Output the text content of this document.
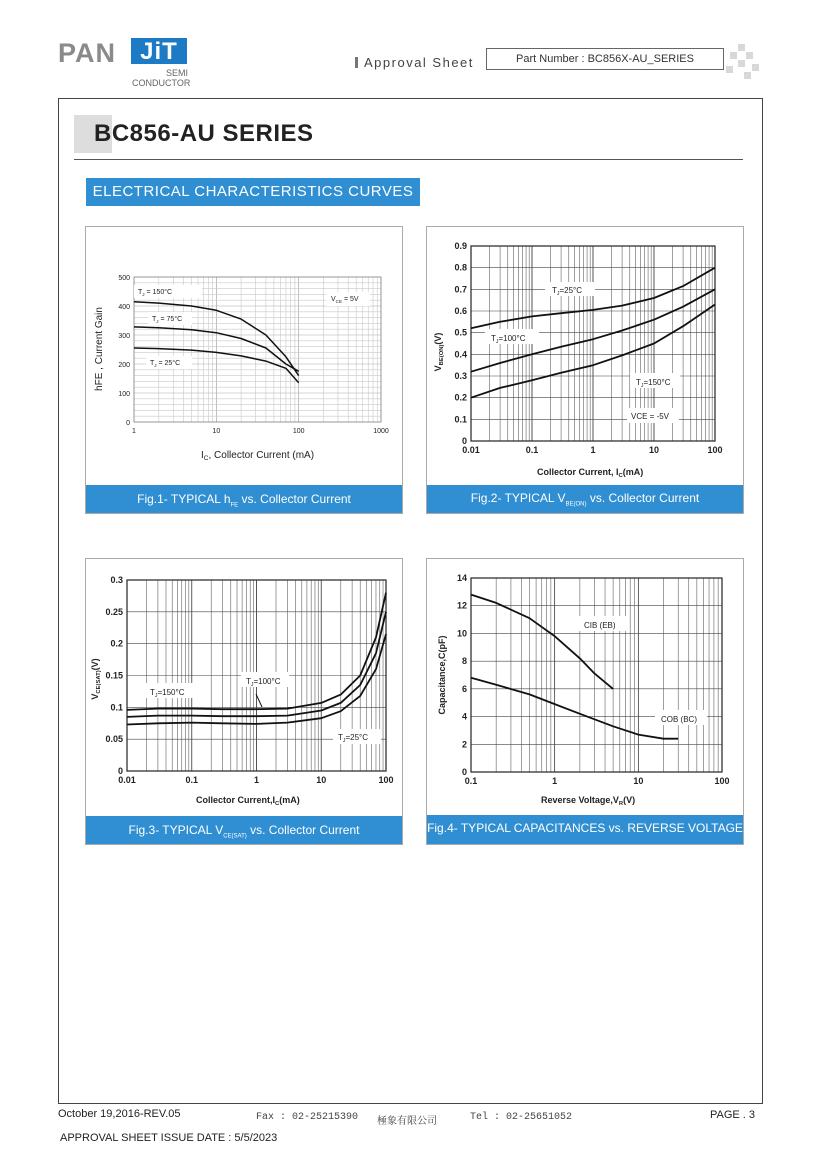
PAN	JiT
SEMI
CONDUCTOR
Approval Sheet	Part Number : BC856X-AU_SERIES
BC856-AU SERIES
ELECTRICAL CHARACTERISTICS CURVES
1	10	100	1000
0
100
200
300
400
500
$T_J = 150^\circ C$
$T_J = 75^\circ C$
$T_J = 25^\circ C$
$V_{CE} = 5V$
$I_C$, Collector Current (mA)
hFE , Current Gain
Fig.1- TYPICAL $h_{FE}$ vs. Collector Current
0.01	0.1	1	10	100
0
0.1
0.2
0.3
0.4
0.5
0.6
0.7
0.8
0.9
$T_J=25^\circ C$
$T_J=100^\circ C$
$T_J=150^\circ C$
VCE = -5V
Collector Current, $I_C(mA)$
$V_{BE(ON)}(V)$
Fig.2- TYPICAL $V_{BE(ON)}$ vs. Collector Current
0.01	0.1	1	10	100
0
0.05
0.1
0.15
0.2
0.25
0.3
$T_J=150^\circ C$
$T_J=100^\circ C$
$T_J=25^\circ C$
Collector $Current,I_C(mA)$
$V_{CE(SAT)}(V)$
Fig.3- TYPICAL $V_{CE(SAT)}$ vs. Collector Current
0.1	1	10	100
0
2
4
6
8
10
12
14
CIB (EB)
COB (BC)
Reverse $Voltage,V_R(V)$
Capacitance,C(pF)
Fig.4- TYPICAL CAPACITANCES vs. REVERSE VOLTAGE
October 19,2016-REV.05	Fax : 02-25215390 極象有限公司	Tel : 02-25651052	PAGE . 3
APPROVAL SHEET ISSUE DATE : 5/5/2023
